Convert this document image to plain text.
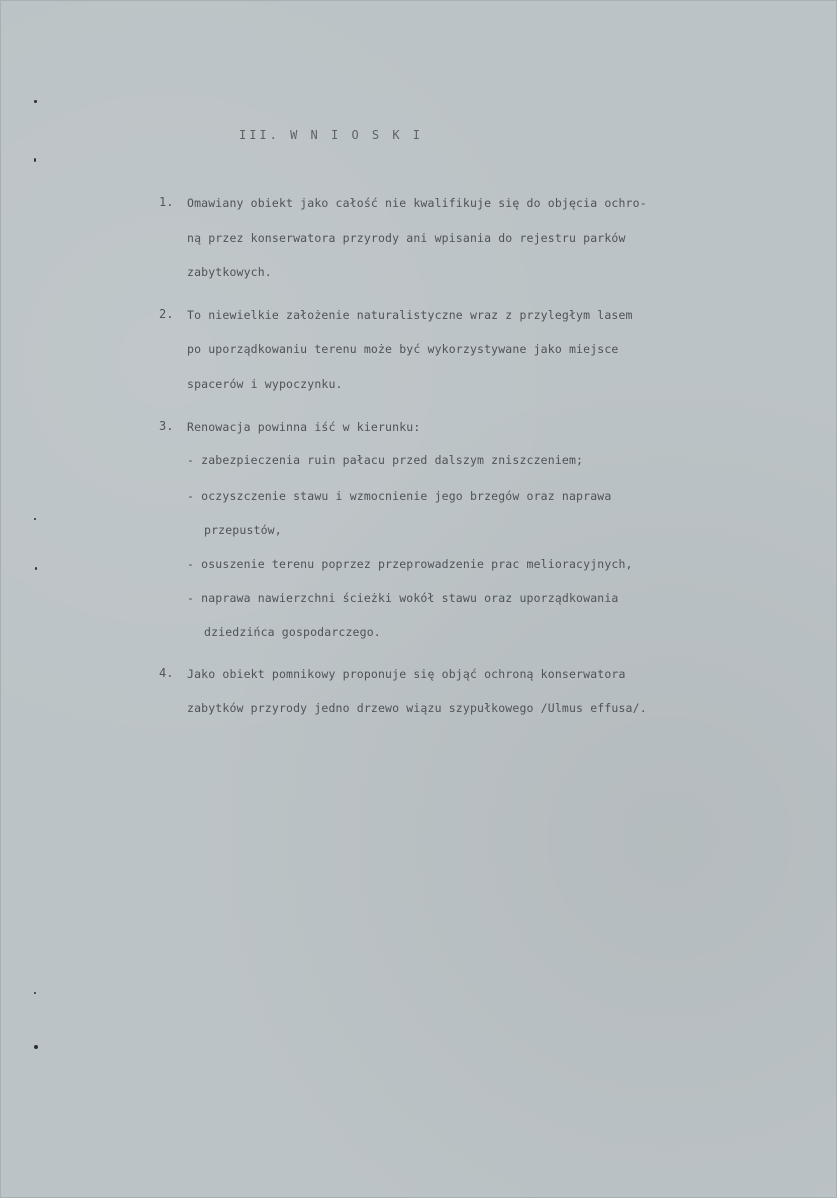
III. W N I O S K I
1. Omawiany obiekt jako całość nie kwalifikuje się do objęcia ochro-
ną przez konserwatora przyrody ani wpisania do rejestru parków
zabytkowych.
2. To niewielkie założenie naturalistyczne wraz z przyległym lasem
po uporządkowaniu terenu może być wykorzystywane jako miejsce
spacerów i wypoczynku.
3. Renowacja powinna iść w kierunku:
- zabezpieczenia ruin pałacu przed dalszym zniszczeniem;
- oczyszczenie stawu i wzmocnienie jego brzegów oraz naprawa
przepustów,
- osuszenie terenu poprzez przeprowadzenie prac melioracyjnych,
- naprawa nawierzchni ścieżki wokół stawu oraz uporządkowania
dziedzińca gospodarczego.
4. Jako obiekt pomnikowy proponuje się objąć ochroną konserwatora
zabytków przyrody jedno drzewo wiązu szypułkowego /Ulmus effusa/.
